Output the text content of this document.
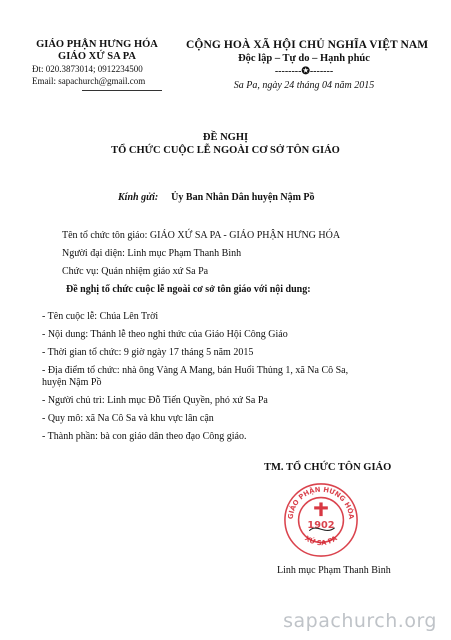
GIÁO PHẬN HƯNG HÓA
GIÁO XỨ SA PA
Đt: 020.3873014; 0912234500
Email: sapachurch@gmail.com
CỘNG HOÀ XÃ HỘI CHỦ NGHĨA VIỆT NAM
Độc lập – Tự do – Hạnh phúc
--------✪-------
Sa Pa, ngày 24 tháng 04 năm 2015
ĐỀ NGHỊ
TỔ CHỨC CUỘC LỄ NGOÀI CƠ SỞ TÔN GIÁO
Kính gửi: Ủy Ban Nhân Dân huyện Nậm Pồ
Tên tổ chức tôn giáo: GIÁO XỨ SA PA - GIÁO PHẬN HƯNG HÓA
Người đại diện: Linh mục Phạm Thanh Bình
Chức vụ: Quản nhiệm giáo xứ Sa Pa
Đề nghị tổ chức cuộc lễ ngoài cơ sở tôn giáo với nội dung:
- Tên cuộc lễ: Chúa Lên Trời
- Nội dung: Thánh lễ theo nghi thức của Giáo Hội Công Giáo
- Thời gian tổ chức: 9 giờ ngày 17 tháng 5 năm 2015
- Địa điểm tổ chức: nhà ông Vàng A Mang, bản Huổi Thủng 1, xã Na Cô Sa,
huyện Nậm Pồ
- Người chủ trì: Linh mục Đỗ Tiến Quyền, phó xứ Sa Pa
- Quy mô: xã Na Cô Sa và khu vực lân cận
- Thành phần: bà con giáo dân theo đạo Công giáo.
TM. TỔ CHỨC TÔN GIÁO
GIÁO PHẬN HƯNG HÓA
XỨ SA PA
1902
Linh mục Phạm Thanh Bình
sapachurch.org
